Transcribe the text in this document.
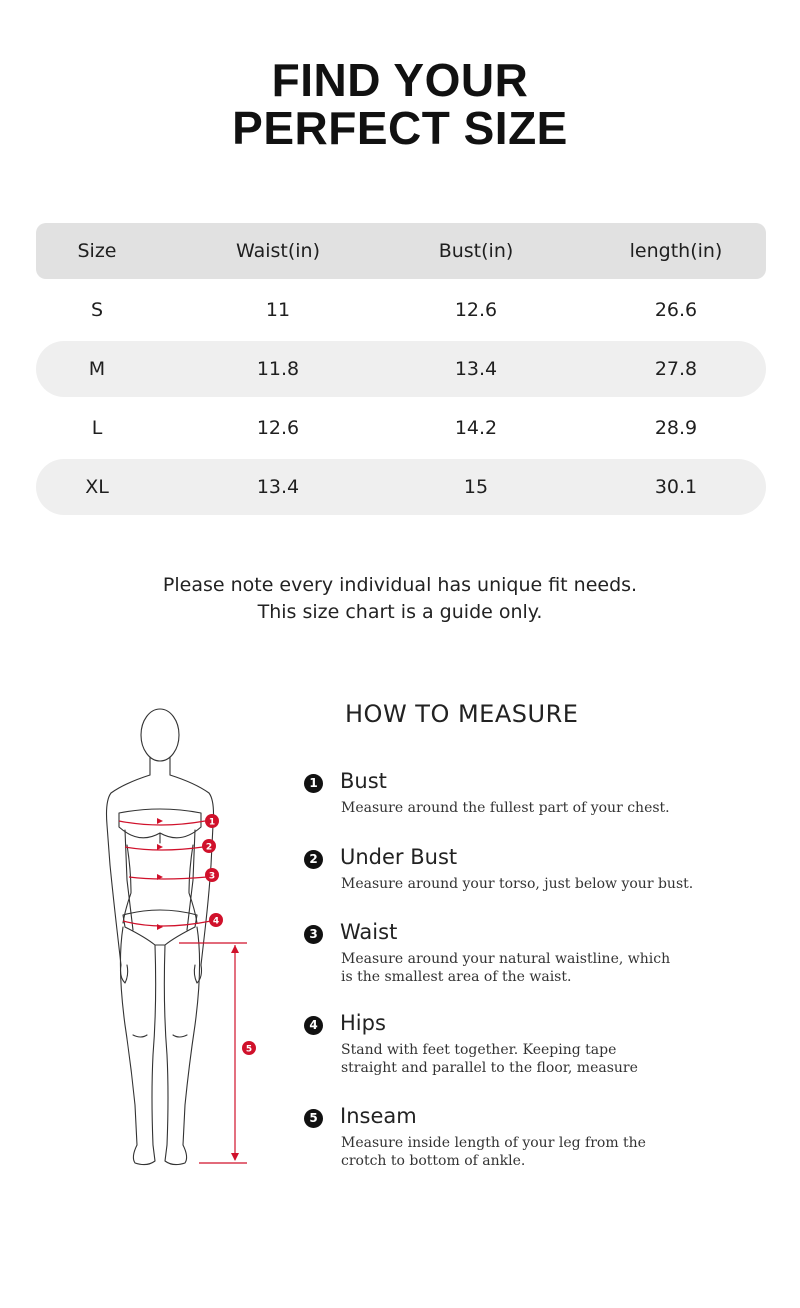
FIND YOUR
PERFECT SIZE
Size	Waist(in)	Bust(in)	length(in)
S	11	12.6	26.6
M	11.8	13.4	27.8
L	12.6	14.2	28.9
XL	13.4	15	30.1
Please note every individual has unique fit needs.
This size chart is a guide only.
1
2
3
4
5
HOW TO MEASURE
1 Bust
Measure around the fullest part of your chest.
2 Under Bust
Measure around your torso, just below your bust.
3 Waist
Measure around your natural waistline, which
is the smallest area of the waist.
4 Hips
Stand with feet together. Keeping tape
straight and parallel to the floor, measure
5 Inseam
Measure inside length of your leg from the
crotch to bottom of ankle.
